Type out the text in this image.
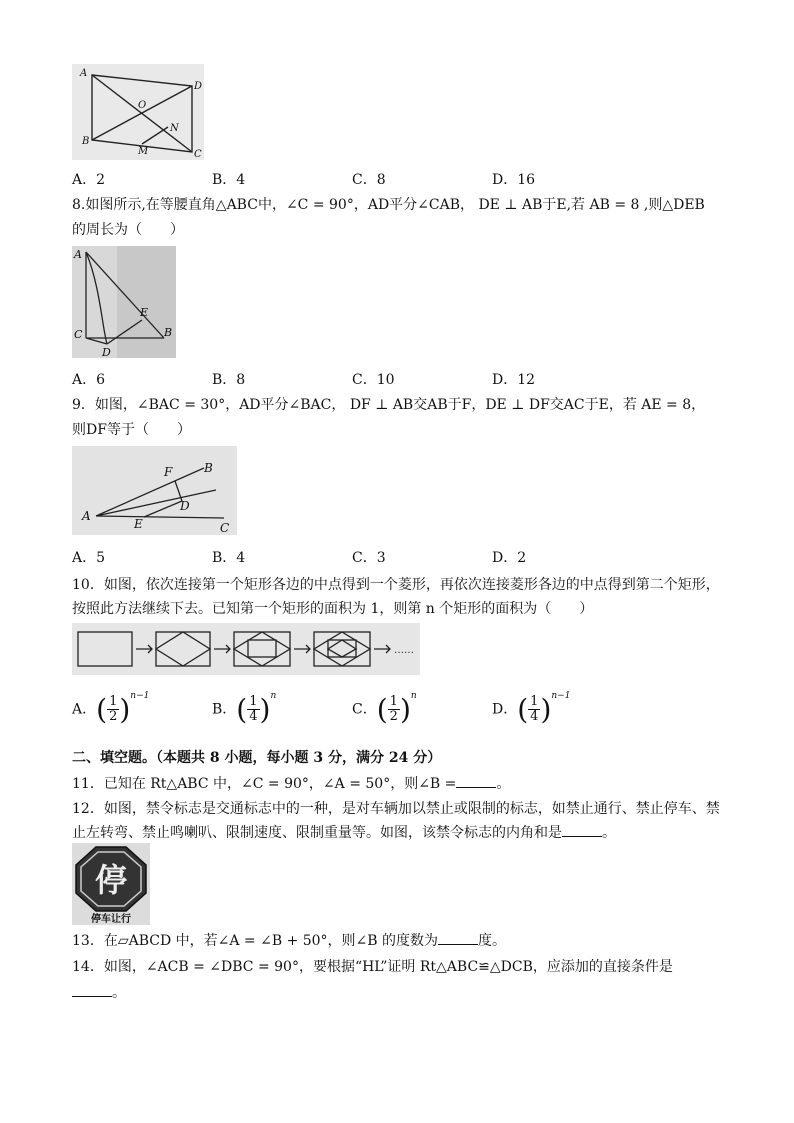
A
D
O
N
B
M	C
A．2	B．4	C．8	D．16
8.如图所示,在等腰直角△ABC中，∠C = 90°，AD平分∠CAB， DE ⊥ AB于E,若 AB = 8 ,则△DEB
的周长为（　　）
A
C
D
E
B
A．6	B．8	C．10	D．12
9．如图，∠BAC = 30°，AD平分∠BAC， DF ⊥ AB交AB于F，DE ⊥ DF交AC于E，若 AE = 8，
则DF等于（　　）
F	B
D
A
E	C
A．5	B．4	C．3	D．2
10．如图，依次连接第一个矩形各边的中点得到一个菱形，再依次连接菱形各边的中点得到第二个矩形，
按照此方法继续下去。已知第一个矩形的面积为 1，则第 n 个矩形的面积为（　　）
……
A．( $\frac{1}{2} )^{n-1}$
B．( $\frac{1}{4} )^n$
C．( $\frac{1}{2} )^n$
D．( $\frac{1}{4} )^{n-1}$
二、填空题。（本题共 8 小题，每小题 3 分，满分 24 分）
11．已知在 Rt△ABC 中，∠C = 90°，∠A = 50°，则∠B =	。
12．如图，禁令标志是交通标志中的一种，是对车辆加以禁止或限制的标志，如禁止通行、禁止停车、禁
止左转弯、禁止鸣喇叭、限制速度、限制重量等。如图，该禁令标志的内角和是	。
停
停车让行
13．在▱ABCD 中，若∠A = ∠B + 50°，则∠B 的度数为	度。
14．如图，∠ACB = ∠DBC = 90°，要根据“HL”证明 Rt△ABC≌△DCB，应添加的直接条件是
。
